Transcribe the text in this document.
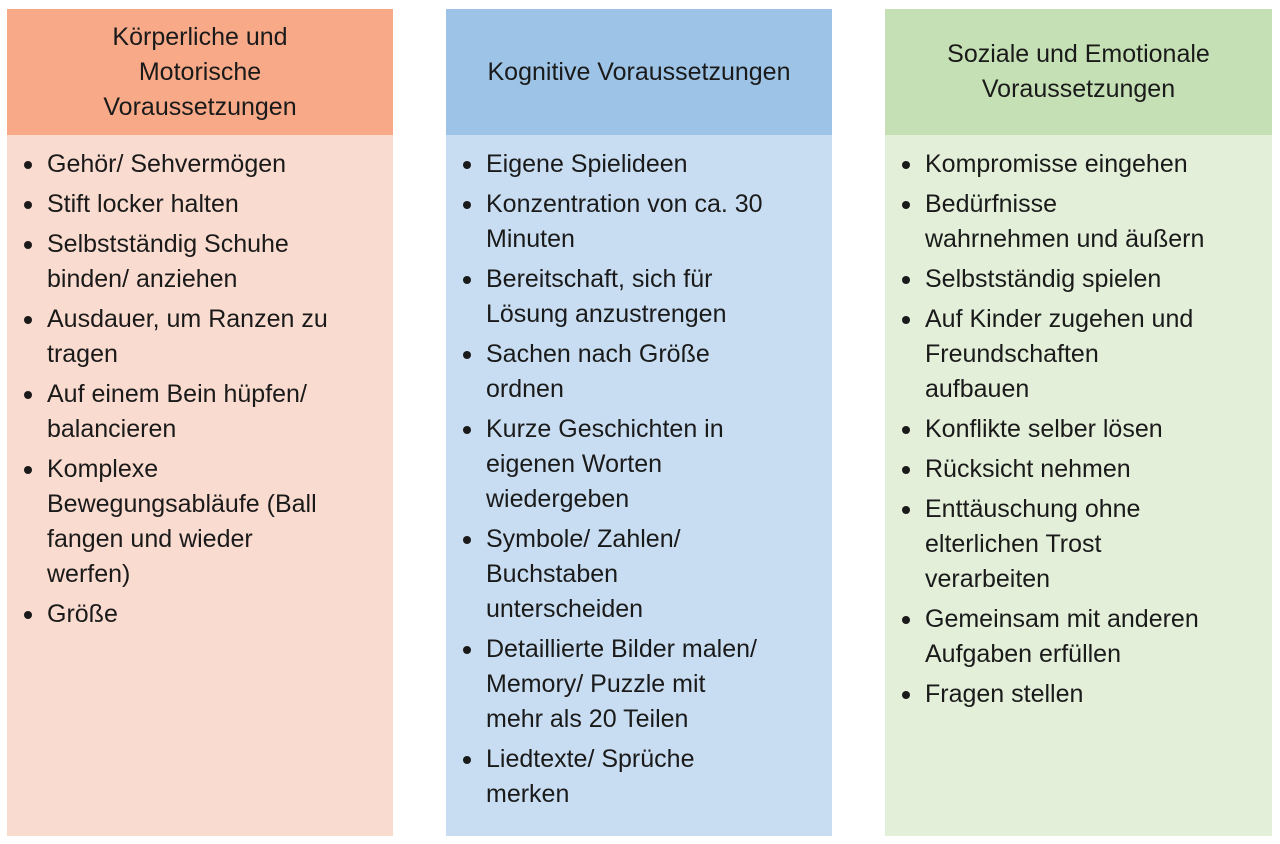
Körperliche und
Motorische
Voraussetzungen
Gehör/ Sehvermögen
Stift locker halten
Selbstständig Schuhe
binden/ anziehen
Ausdauer, um Ranzen zu
tragen
Auf einem Bein hüpfen/
balancieren
Komplexe
Bewegungsabläufe (Ball
fangen und wieder
werfen)
Größe
Kognitive Voraussetzungen
Eigene Spielideen
Konzentration von ca. 30
Minuten
Bereitschaft, sich für
Lösung anzustrengen
Sachen nach Größe
ordnen
Kurze Geschichten in
eigenen Worten
wiedergeben
Symbole/ Zahlen/
Buchstaben
unterscheiden
Detaillierte Bilder malen/
Memory/ Puzzle mit
mehr als 20 Teilen
Liedtexte/ Sprüche
merken
Soziale und Emotionale
Voraussetzungen
Kompromisse eingehen
Bedürfnisse
wahrnehmen und äußern
Selbstständig spielen
Auf Kinder zugehen und
Freundschaften
aufbauen
Konflikte selber lösen
Rücksicht nehmen
Enttäuschung ohne
elterlichen Trost
verarbeiten
Gemeinsam mit anderen
Aufgaben erfüllen
Fragen stellen
